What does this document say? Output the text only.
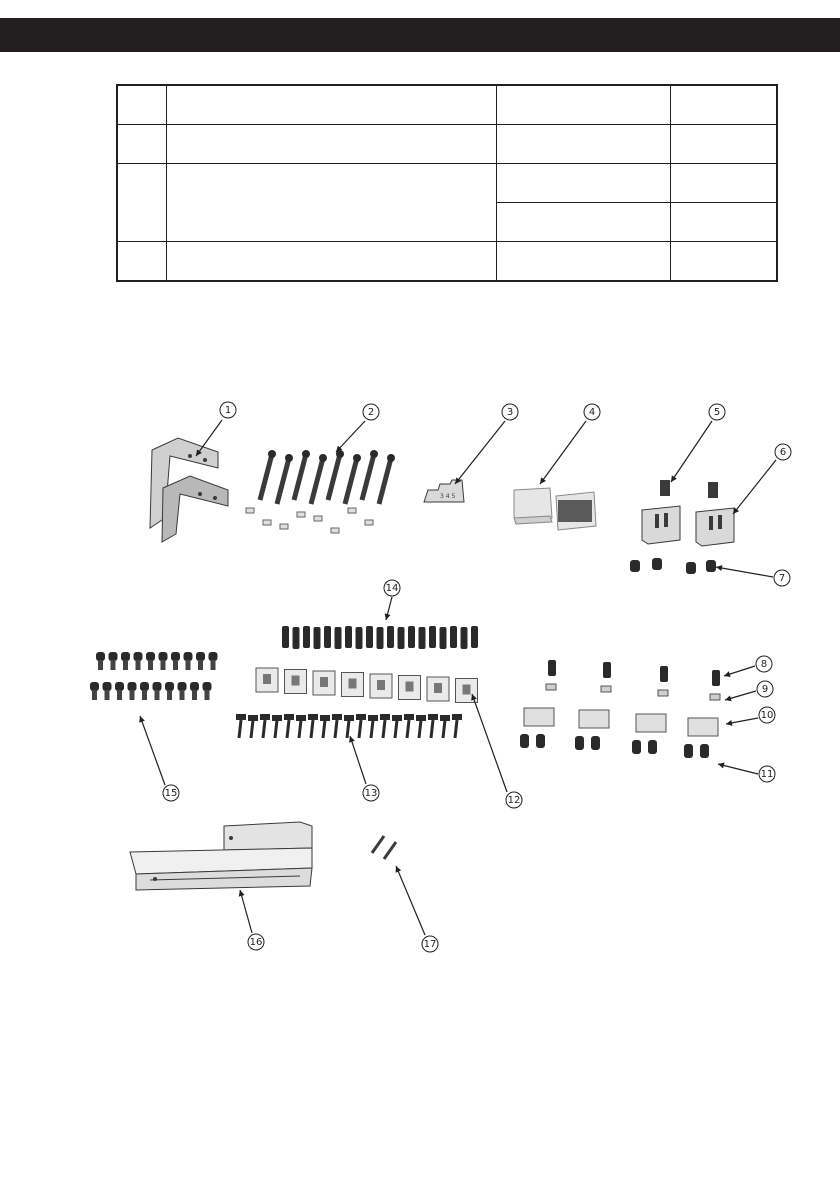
3 4 5
1	2	3	4	5
6
7
8
9
10
11
12
13
14
15
16	17
